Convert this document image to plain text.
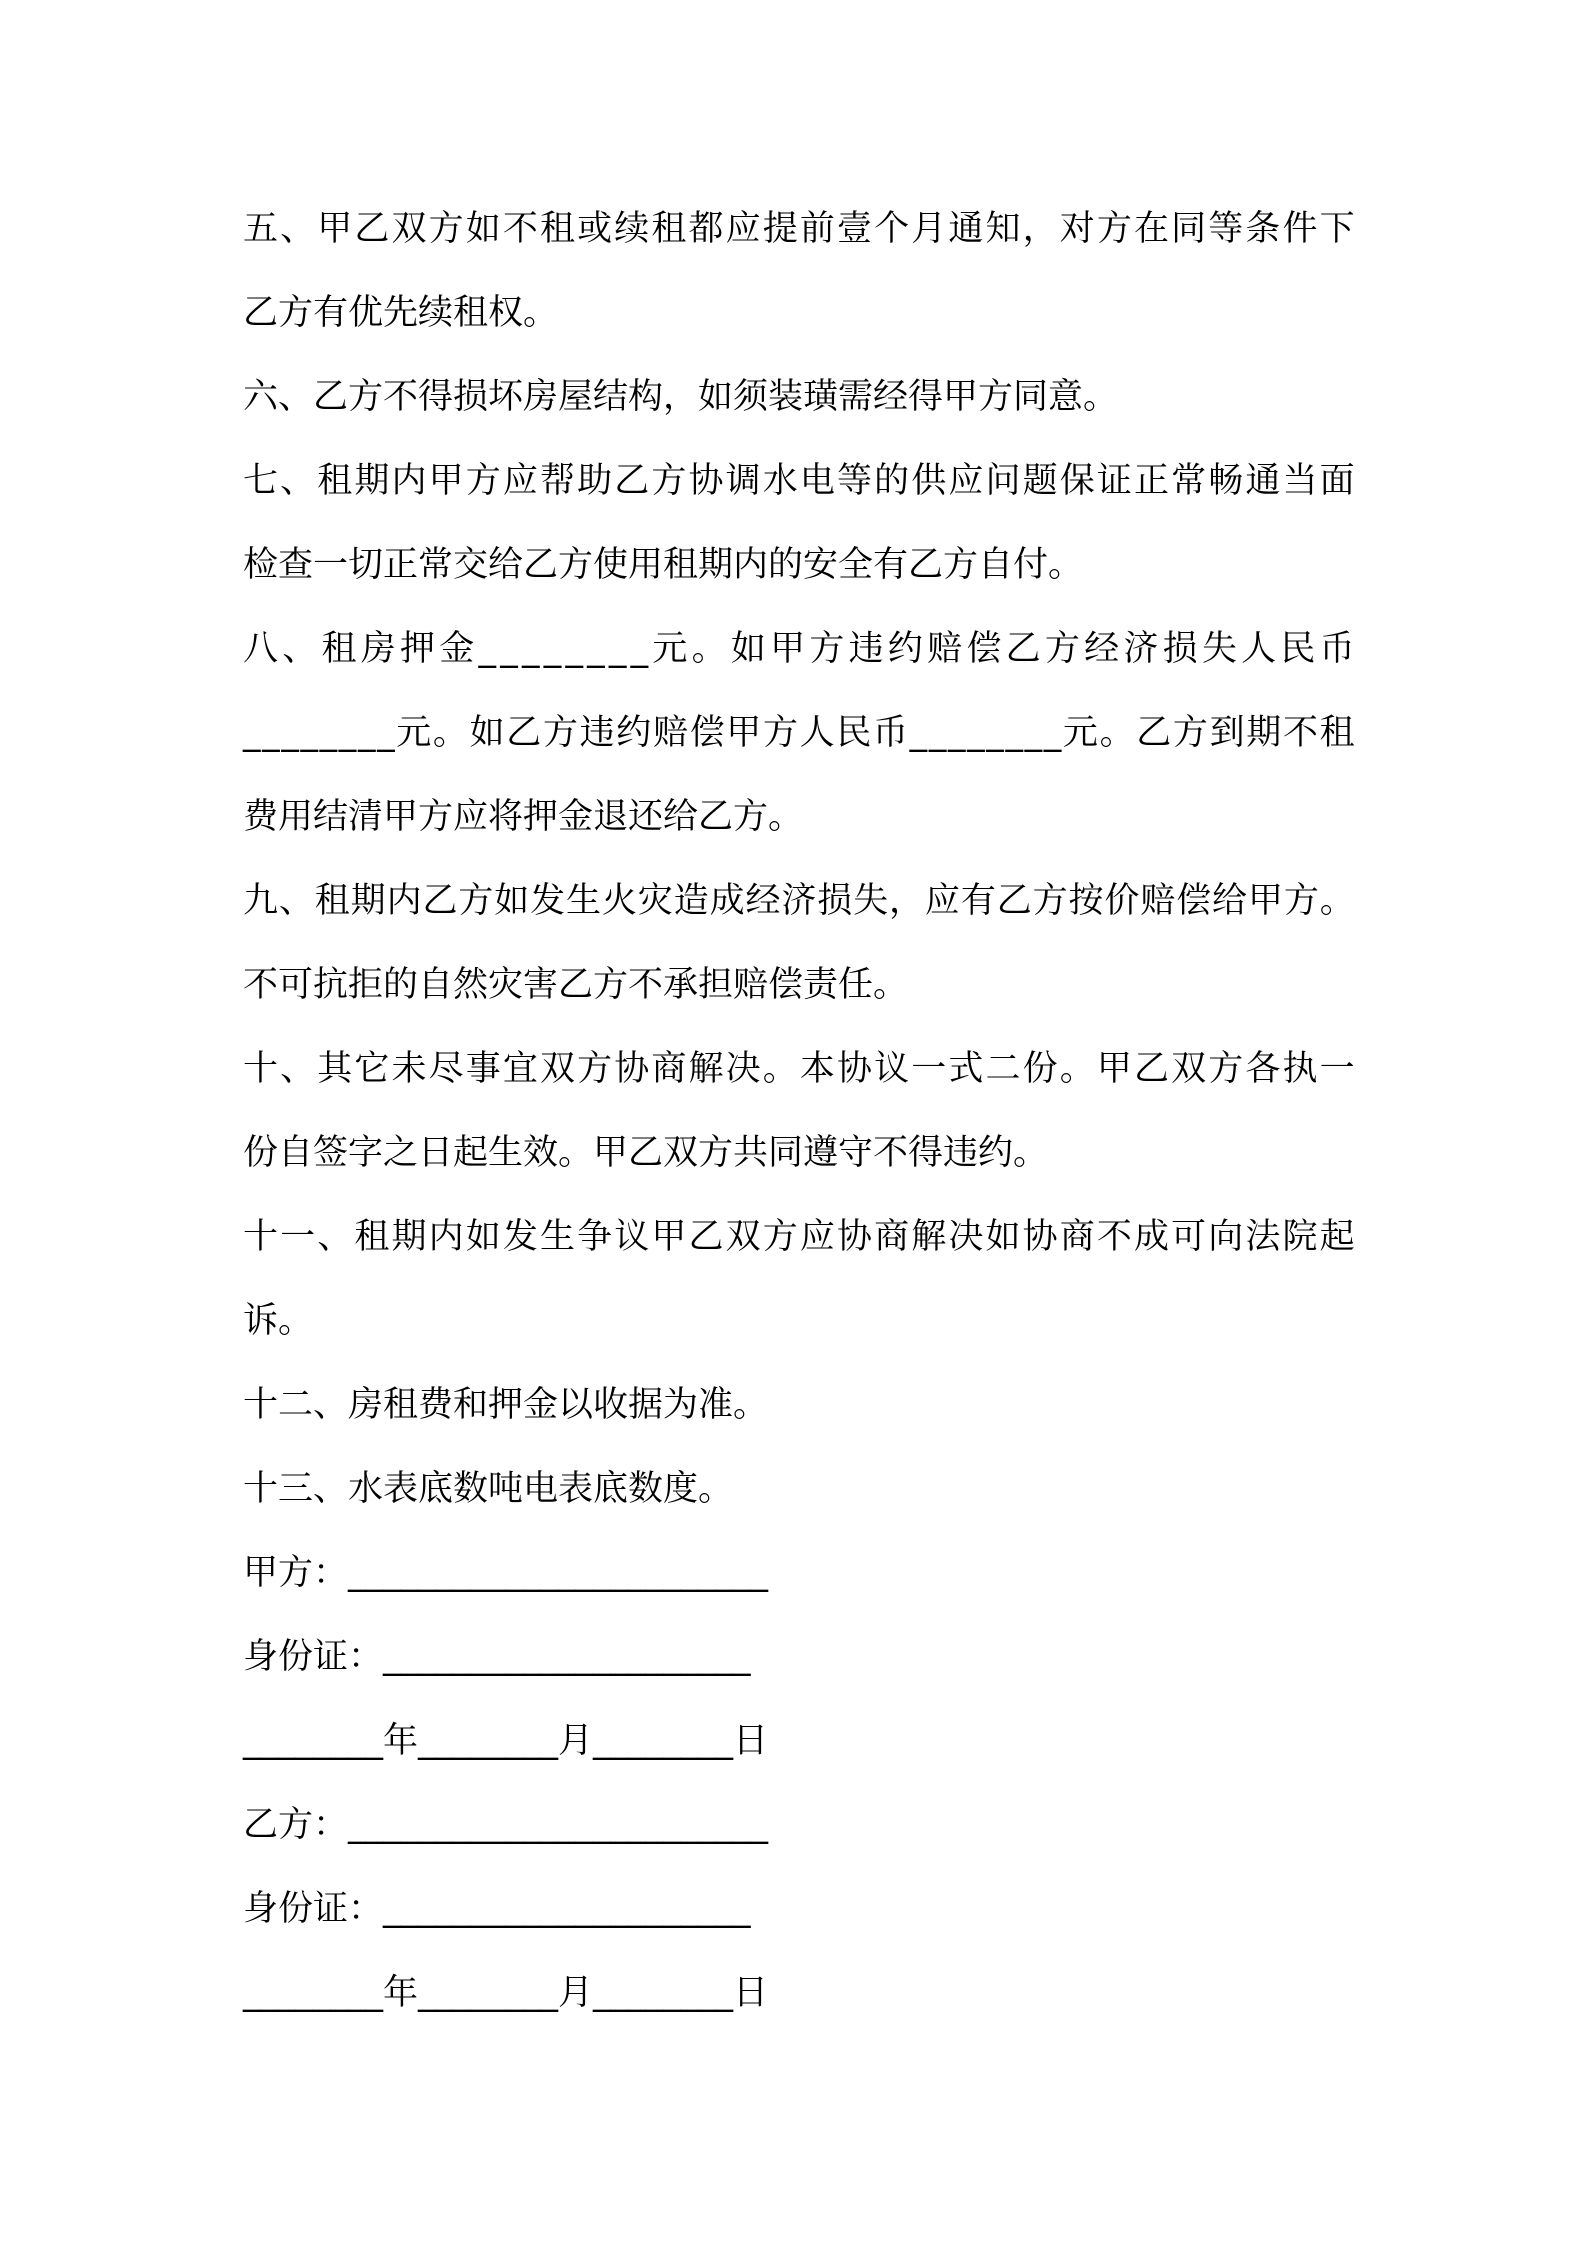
五 、 甲 乙 双 方 如 不 租 或 续 租 都 应 提 前 壹 个 月 通 知 ， 对 方 在 同 等 条 件 下
乙方有优先续租权。
六、乙方不得损坏房屋结构，如须装璜需经得甲方同意。
七 、 租 期 内 甲 方 应 帮 助 乙 方 协 调 水 电 等 的 供 应 问 题 保 证 正 常 畅 通 当 面
检查一切正常交给乙方使用租期内的安全有乙方自付。
八 、 租 房 押 金 _ _ _ _ _ _ _ _ 元 。 如 甲 方 违 约 赔 偿 乙 方 经 济 损 失 人 民 币
_ _ _ _ _ _ _ _ 元 。 如 乙 方 违 约 赔 偿 甲 方 人 民 币 _ _ _ _ _ _ _ _ 元 。 乙 方 到 期 不 租
费用结清甲方应将押金退还给乙方。
九 、 租 期 内 乙 方 如 发 生 火 灾 造 成 经 济 损 失 ， 应 有 乙 方 按 价 赔 偿 给 甲 方 。
不可抗拒的自然灾害乙方不承担赔偿责任。
十 、 其 它 未 尽 事 宜 双 方 协 商 解 决 。 本 协 议 一 式 二 份 。 甲 乙 双 方 各 执 一
份自签字之日起生效。甲乙双方共同遵守不得违约。
十 一 、 租 期 内 如 发 生 争 议 甲 乙 双 方 应 协 商 解 决 如 协 商 不 成 可 向 法 院 起
诉。
十二、房租费和押金以收据为准。
十三、水表底数吨电表底数度。
甲方：________________________
身份证：_____________________
________年________月________日
乙方：________________________
身份证：_____________________
________年________月________日
